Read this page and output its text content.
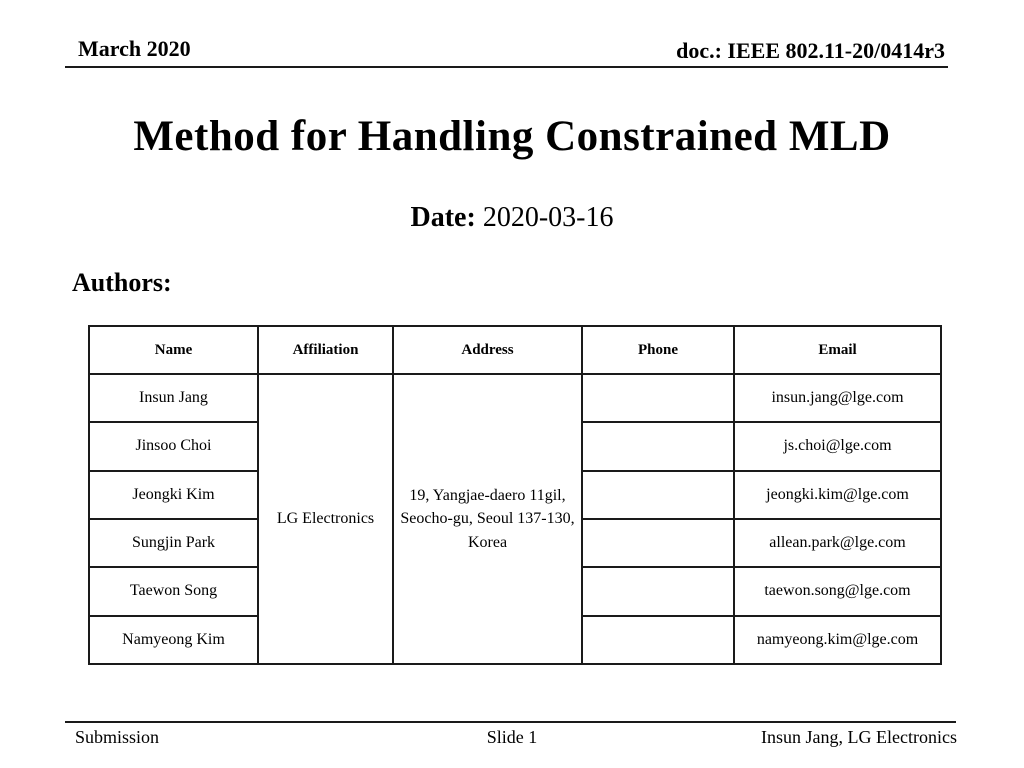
March 2020	doc.: IEEE 802.11-20/0414r3
Method for Handling Constrained MLD
Date: 2020-03-16
Authors:
Name	Affiliation	Address	Phone	Email
Insun Jang	LG Electronics	19, Yangjae-daero 11gil, Seocho-gu, Seoul 137-130, Korea		insun.jang@lge.com
Jinsoo Choi				js.choi@lge.com
Jeongki Kim				jeongki.kim@lge.com
Sungjin Park				allean.park@lge.com
Taewon Song				taewon.song@lge.com
Namyeong Kim				namyeong.kim@lge.com
Submission	Slide 1	Insun Jang, LG Electronics
